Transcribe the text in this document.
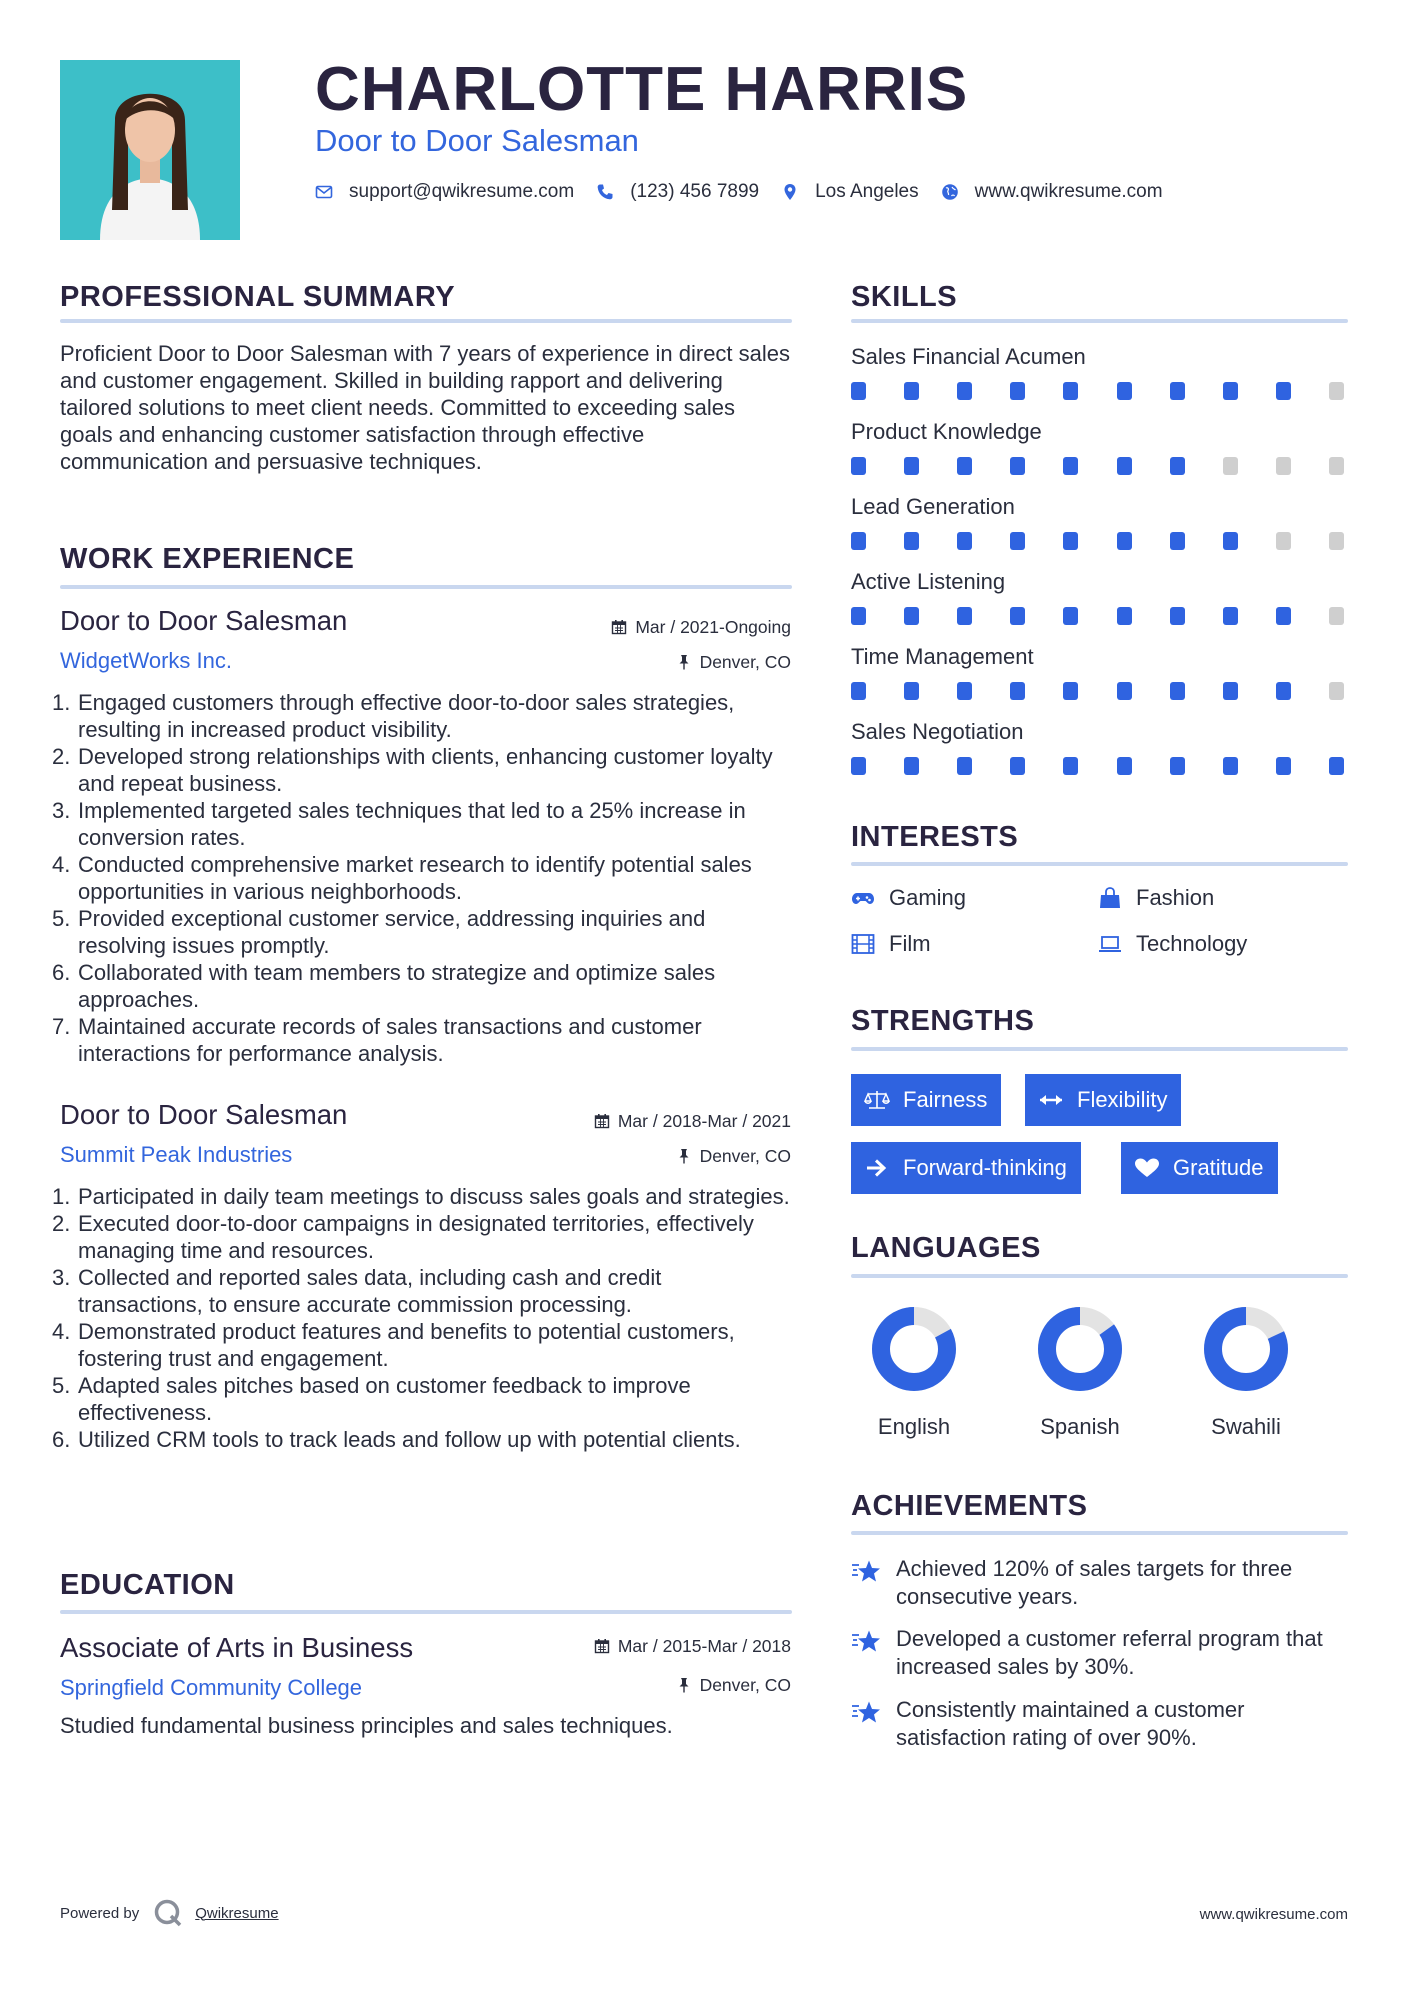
CHARLOTTE HARRIS
Door to Door Salesman
support@qwikresume.com	(123) 456 7899	Los Angeles	www.qwikresume.com
PROFESSIONAL SUMMARY
Proficient Door to Door Salesman with 7 years of experience in direct sales and customer engagement. Skilled in building rapport and delivering tailored solutions to meet client needs. Committed to exceeding sales goals and enhancing customer satisfaction through effective communication and persuasive techniques.
WORK EXPERIENCE
Door to Door Salesman	Mar / 2021-Ongoing
WidgetWorks Inc.	Denver, CO
1. Engaged customers through effective door-to-door sales strategies, resulting in increased product visibility.
2. Developed strong relationships with clients, enhancing customer loyalty and repeat business.
3. Implemented targeted sales techniques that led to a 25% increase in conversion rates.
4. Conducted comprehensive market research to identify potential sales opportunities in various neighborhoods.
5. Provided exceptional customer service, addressing inquiries and resolving issues promptly.
6. Collaborated with team members to strategize and optimize sales approaches.
7. Maintained accurate records of sales transactions and customer interactions for performance analysis.
Door to Door Salesman	Mar / 2018-Mar / 2021
Summit Peak Industries	Denver, CO
1. Participated in daily team meetings to discuss sales goals and strategies.
2. Executed door-to-door campaigns in designated territories, effectively managing time and resources.
3. Collected and reported sales data, including cash and credit transactions, to ensure accurate commission processing.
4. Demonstrated product features and benefits to potential customers, fostering trust and engagement.
5. Adapted sales pitches based on customer feedback to improve effectiveness.
6. Utilized CRM tools to track leads and follow up with potential clients.
EDUCATION
Associate of Arts in Business	Mar / 2015-Mar / 2018
Springfield Community College	Denver, CO
Studied fundamental business principles and sales techniques.
SKILLS
Sales Financial Acumen
Product Knowledge
Lead Generation
Active Listening
Time Management
Sales Negotiation
INTERESTS
Gaming	Fashion
Film	Technology
STRENGTHS
Fairness	Flexibility
Forward-thinking	Gratitude
LANGUAGES
English	Spanish	Swahili
ACHIEVEMENTS
Achieved 120% of sales targets for three consecutive years.
Developed a customer referral program that increased sales by 30%.
Consistently maintained a customer satisfaction rating of over 90%.
Powered by	Qwikresume	www.qwikresume.com
